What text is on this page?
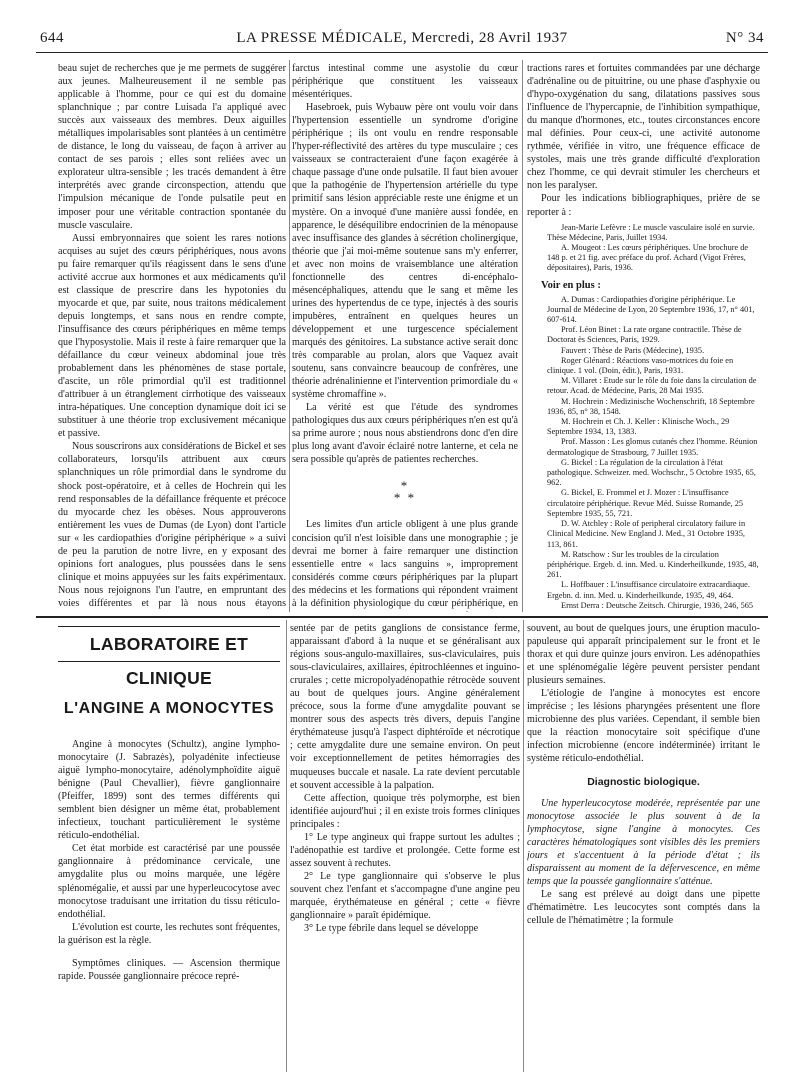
644	LA PRESSE MÉDICALE, Mercredi, 28 Avril 1937	N° 34

beau sujet de recherches que je me permets de suggérer aux jeunes. Malheureusement il ne semble pas applicable à l'homme, pour ce qui est du domaine splanchnique ; par contre Luisada l'a appliqué avec succès aux vaisseaux des membres. Deux aiguilles métalliques impolarisables sont plantées à un centimètre de distance, le long du vaisseau, de façon à arriver au contact de ses parois ; elles sont reliées avec un explorateur ultra-sensible ; les tracés demandent à être interprétés avec grande circonspection, attendu que l'impulsion mécanique de l'onde pulsatile peut en imposer pour une véritable contraction spontanée du muscle vasculaire.

Aussi embryonnaires que soient les rares notions acquises au sujet des cœurs périphériques, nous avons pu faire remarquer qu'ils réagissent dans le sens d'une activité accrue aux hormones et aux médicaments qu'il est classique de prescrire dans les hypotonies du myocarde et que, par suite, nous traitons médicalement depuis longtemps, et sans nous en rendre compte, l'insuffisance des cœurs périphériques en même temps que l'hyposystolie. Mais il reste à faire remarquer que la défaillance du cœur veineux abdominal joue très probablement dans les phénomènes de stase portale, d'ascite, un rôle primordial qu'il est traditionnel d'attribuer à un étranglement cirrhotique des vaisseaux intra-hépatiques. Une conception dynamique doit ici se substituer à une théorie trop exclusivement mécanique et passive.

Nous souscrirons aux considérations de Bickel et ses collaborateurs, lorsqu'ils attribuent aux cœurs splanchniques un rôle primordial dans le syndrome du shock post-opératoire, et à celles de Hochrein qui les rend responsables de la défaillance fréquente et précoce du myocarde chez les obèses. Nous approuverons entièrement les vues de Dumas (de Lyon) dont l'article sur « les cardiopathies d'origine périphérique » a suivi de peu la parution de notre livre, en y exposant des opinions fort analogues, plus poussées dans le sens clinique et moins appuyées sur les faits expérimentaux. Nous nous rejoignons l'un l'autre, en empruntant des voies différentes et par là nous nous étayons

farctus intestinal comme une asystolie du cœur périphérique que constituent les vaisseaux mésentériques.

Hasebroek, puis Wybauw père ont voulu voir dans l'hypertension essentielle un syndrome d'origine périphérique ; ils ont voulu en rendre responsable l'hyper-réflectivité des artères du type musculaire ; ces vaisseaux se contracteraient d'une façon exagérée à chaque passage d'une onde pulsatile. Il faut bien avouer que la pathogénie de l'hypertension artérielle du type primitif sans lésion appréciable reste une énigme et un mystère. On a invoqué d'une manière aussi fondée, en apparence, le déséquilibre endocrinien de la ménopause avec insuffisance des glandes à sécrétion cholinergique, théorie que j'ai moi-même soutenue sans m'y enferrer, et avec non moins de vraisemblance une altération fonctionnelle des centres di-encéphalo-mésencéphaliques, attendu que le sang et même les urines des hypertendus de ce type, injectés à des souris impubères, entraînent en quelques heures un développement et une turgescence spécialement marqués des génitoires. La substance active serait donc très comparable au prolan, alors que Vaquez avait soutenu, sans convaincre beaucoup de confrères, une théorie adrénalinienne et l'intervention primordiale du « système chromaffine ».

La vérité est que l'étude des syndromes pathologiques dus aux cœurs périphériques n'en est qu'à sa prime aurore ; nous nous abstiendrons donc d'en dire plus long avant d'avoir éclairé notre lanterne, et cela ne sera possible qu'après de patientes recherches.

*
* *

Les limites d'un article obligent à une plus grande concision qu'il n'est loisible dans une monographie ; je devrai me borner à faire remarquer une distinction essentielle entre « lacs sanguins », improprement considérés comme cœurs périphériques par la plupart des médecins et les formations qui répondent vraiment à la définition physiologique du cœur périphérique, en

tractions rares et fortuites commandées par une décharge d'adrénaline ou de pituitrine, ou une phase d'asphyxie ou d'hypo-oxygénation du sang, dilatations passives sous l'influence de l'hypercapnie, de l'inhibition sympathique, du manque d'hormones, etc., toutes circonstances encore mal définies. Pour ceux-ci, une activité autonome rythmée, vérifiée in vitro, une fréquence efficace de systoles, mais une très grande difficulté d'exploration chez l'homme, ce qui devrait stimuler les chercheurs et non les paralyser.

Pour les indications bibliographiques, prière de se reporter à :

Jean-Marie Lefèvre : Le muscle vasculaire isolé en survie. Thèse Médecine, Paris, Juillet 1934.

A. Mougeot : Les cœurs périphériques. Une brochure de 148 p. et 21 fig. avec préface du prof. Achard (Vigot Frères, dépositaires), Paris, 1936.

Voir en plus :

A. Dumas : Cardiopathies d'origine périphérique. Le Journal de Médecine de Lyon, 20 Septembre 1936, 17, n° 401, 607-614.

Prof. Léon Binet : La rate organe contractile. Thèse de Doctorat ès Sciences, Paris, 1929.

Fauvert : Thèse de Paris (Médecine), 1935.

Roger Glénard : Réactions vaso-motrices du foie en clinique. 1 vol. (Doin, édit.), Paris, 1931.

M. Villaret : Etude sur le rôle du foie dans la circulation de retour. Acad. de Médecine, Paris, 28 Mai 1935.

M. Hochrein : Medizinische Wochenschrift, 18 Septembre 1936, 85, n° 38, 1548.

M. Hochrein et Ch. J. Keller : Klinische Woch., 29 Septembre 1934, 13, 1383.

Prof. Masson : Les glomus cutanés chez l'homme. Réunion dermatologique de Strasbourg, 7 Juillet 1935.

G. Bickel : La régulation de la circulation à l'état pathologique. Schweizer. med. Wochschr., 5 Octobre 1935, 65, 962.

G. Bickel, E. Frommel et J. Mozer : L'insuffisance circulatoire périphérique. Revue Méd. Suisse Romande, 25 Septembre 1935, 55, 721.

D. W. Atchley : Role of peripheral circulatory failure in Clinical Medicine. New England J. Med., 31 Octobre 1935, 113, 861.

M. Ratschow : Sur les troubles de la circulation périphérique. Ergeb. d. inn. Med. u. Kinderheilkunde, 1935, 48, 261.

L. Hoffbauer : L'insuffisance circulatoire extracardiaque. Ergebn. d. inn. Med. u. Kinderheilkunde, 1935, 49, 464.

Ernst Derra : Deutsche Zeitsch. Chirurgie, 1936, 246, 565

LABORATOIRE ET CLINIQUE
L'ANGINE A MONOCYTES

Angine à monocytes (Schultz), angine lympho-monocytaire (J. Sabrazès), polyadénite infectieuse aiguë lympho-monocytaire, adénolymphoïdite aiguë bénigne (Paul Chevallier), fièvre ganglionnaire (Pfeiffer, 1899) sont des termes différents qui semblent bien désigner un même état, probablement infectieux, touchant particulièrement le système réticulo-endothélial.

Cet état morbide est caractérisé par une poussée ganglionnaire à prédominance cervicale, une amygdalite plus ou moins marquée, une légère splénomégalie, et aussi par une hyperleucocytose avec monocytose traduisant une irritation du tissu réticulo-endothélial.

L'évolution est courte, les rechutes sont fréquentes, la guérison est la règle.

Symptômes cliniques. — Ascension thermique rapide. Poussée ganglionnaire précoce repré-

sentée par de petits ganglions de consistance ferme, apparaissant d'abord à la nuque et se généralisant aux régions sous-angulo-maxillaires, sus-claviculaires, puis sous-claviculaires, axillaires, épitrochléennes et inguino-crurales ; cette micropolyadénopathie rétrocède souvent au bout de quelques jours. Angine généralement précoce, sous la forme d'une amygdalite pouvant se montrer sous des aspects très divers, depuis l'angine érythémateuse jusqu'à l'aspect diphtéroïde et nécrotique ; cette amygdalite dure une semaine environ. On peut voir exceptionnellement de petites hémorragies des muqueuses buccale et nasale. La rate devient percutable et souvent accessible à la palpation.

Cette affection, quoique très polymorphe, est bien identifiée aujourd'hui ; il en existe trois formes cliniques principales :

1° Le type angineux qui frappe surtout les adultes ; l'adénopathie est tardive et prolongée. Cette forme est assez souvent à rechutes.

2° Le type ganglionnaire qui s'observe le plus souvent chez l'enfant et s'accompagne d'une angine peu marquée, érythémateuse en général ; cette « fièvre ganglionnaire » paraît épidémique.

3° Le type fébrile dans lequel se développe

souvent, au bout de quelques jours, une éruption maculo-papuleuse qui apparaît principalement sur le front et le thorax et qui dure quinze jours environ. Les adénopathies et une splénomégalie légère peuvent persister pendant plusieurs semaines.

L'étiologie de l'angine à monocytes est encore imprécise ; les lésions pharyngées présentent une flore microbienne des plus variées. Cependant, il semble bien que la réaction monocytaire soit spécifique d'une infection microbienne (encore indéterminée) irritant le système réticulo-endothélial.

Diagnostic biologique.

Une hyperleucocytose modérée, représentée par une monocytose associée le plus souvent à de la lymphocytose, signe l'angine à monocytes. Ces caractères hématologiques sont visibles dès les premiers jours et s'accentuent à la période d'état ; ils disparaissent au moment de la défervescence, en même temps que la poussée ganglionnaire s'atténue.

Le sang est prélevé au doigt dans une pipette d'hématimètre. Les leucocytes sont comptés dans la cellule de l'hématimètre ; la formule
